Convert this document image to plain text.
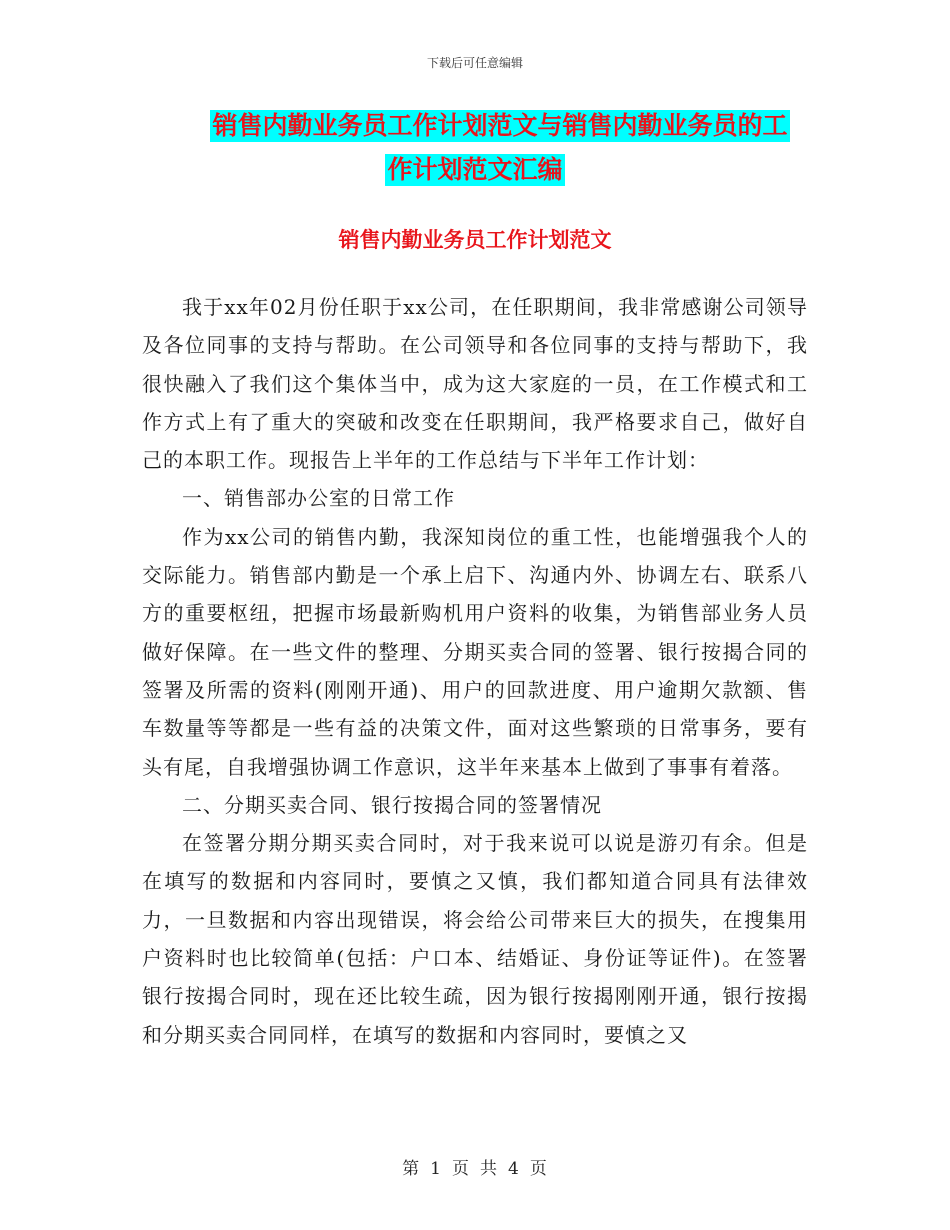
下载后可任意编辑
销售内勤业务员工作计划范文与销售内勤业务员的工
作计划范文汇编
销售内勤业务员工作计划范文

我于xx年02月份任职于xx公司，在任职期间，我非常感谢公司领导及各位同事的支持与帮助。在公司领导和各位同事的支持与帮助下，我很快融入了我们这个集体当中，成为这大家庭的一员，在工作模式和工作方式上有了重大的突破和改变在任职期间，我严格要求自己，做好自己的本职工作。现报告上半年的工作总结与下半年工作计划：

一、销售部办公室的日常工作

作为xx公司的销售内勤，我深知岗位的重工性，也能增强我个人的交际能力。销售部内勤是一个承上启下、沟通内外、协调左右、联系八方的重要枢纽，把握市场最新购机用户资料的收集，为销售部业务人员做好保障。在一些文件的整理、分期买卖合同的签署、银行按揭合同的签署及所需的资料(刚刚开通)、用户的回款进度、用户逾期欠款额、售车数量等等都是一些有益的决策文件，面对这些繁琐的日常事务，要有头有尾，自我增强协调工作意识，这半年来基本上做到了事事有着落。

二、分期买卖合同、银行按揭合同的签署情况

在签署分期分期买卖合同时，对于我来说可以说是游刃有余。但是在填写的数据和内容同时，要慎之又慎，我们都知道合同具有法律效力，一旦数据和内容出现错误，将会给公司带来巨大的损失，在搜集用户资料时也比较简单(包括：户口本、结婚证、身份证等证件)。在签署银行按揭合同时，现在还比较生疏，因为银行按揭刚刚开通，银行按揭和分期买卖合同同样，在填写的数据和内容同时，要慎之又

第 1 页 共 4 页
